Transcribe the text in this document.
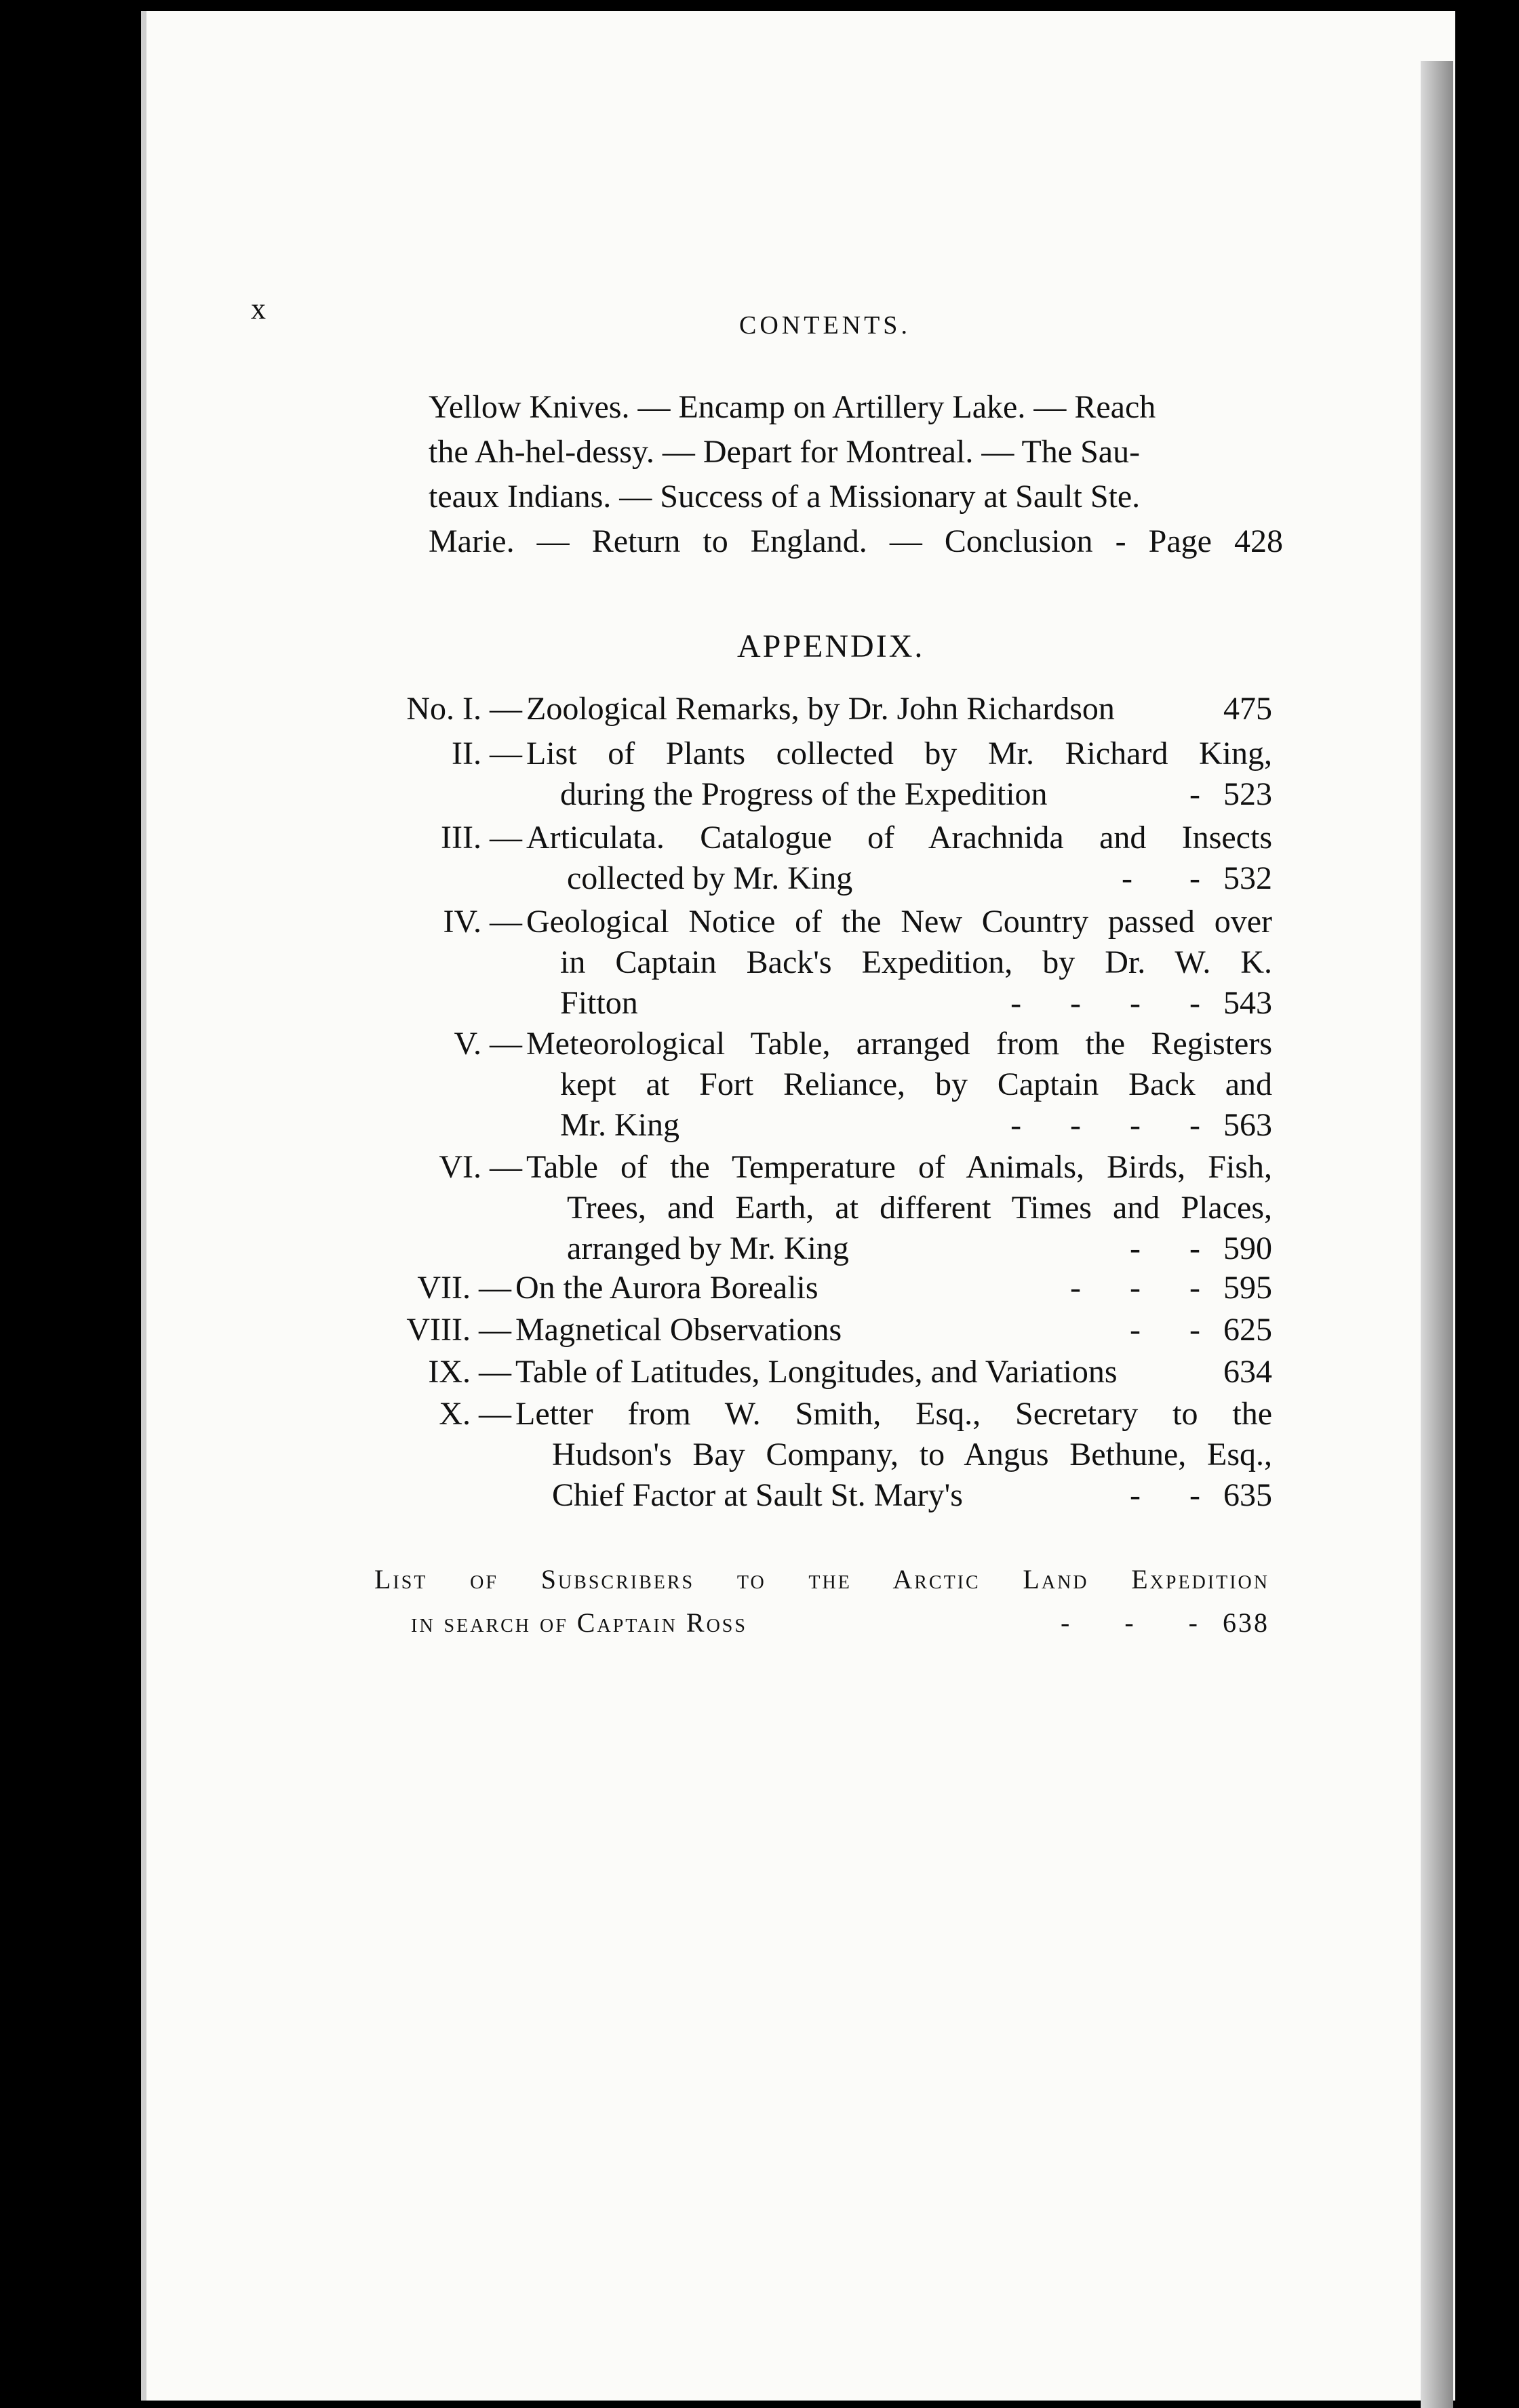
x	CONTENTS.
Yellow Knives. — Encamp on Artillery Lake. — Reach
the Ah-hel-dessy. — Depart for Montreal. — The Sau-
teaux Indians. — Success of a Missionary at Sault Ste.
Marie. — Return to England. — Conclusion - Page 428
APPENDIX.
No. I. — Zoological Remarks, by Dr. John Richardson	475
II. — List of Plants collected by Mr. Richard King,
during the Progress of the Expedition	- 523
III. — Articulata. Catalogue of Arachnida and Insects
collected by Mr. King	-       - 532
IV. — Geological Notice of the New Country passed over
in Captain Back's Expedition, by Dr. W. K.
Fitton	-      -      -      - 543
V. — Meteorological Table, arranged from the Registers
kept at Fort Reliance, by Captain Back and
Mr. King	-      -      -      - 563
VI. — Table of the Temperature of Animals, Birds, Fish,
Trees, and Earth, at different Times and Places,
arranged by Mr. King	-      - 590
VII. — On the Aurora Borealis	-      -      - 595
VIII. — Magnetical Observations	-      - 625
IX. — Table of Latitudes, Longitudes, and Variations	634
X. — Letter from W. Smith, Esq., Secretary to the
Hudson's Bay Company, to Angus Bethune, Esq.,
Chief Factor at Sault St. Mary's	-      - 635
List of Subscribers to the Arctic Land Expedition
in search of Captain Ross	-      -      - 638
